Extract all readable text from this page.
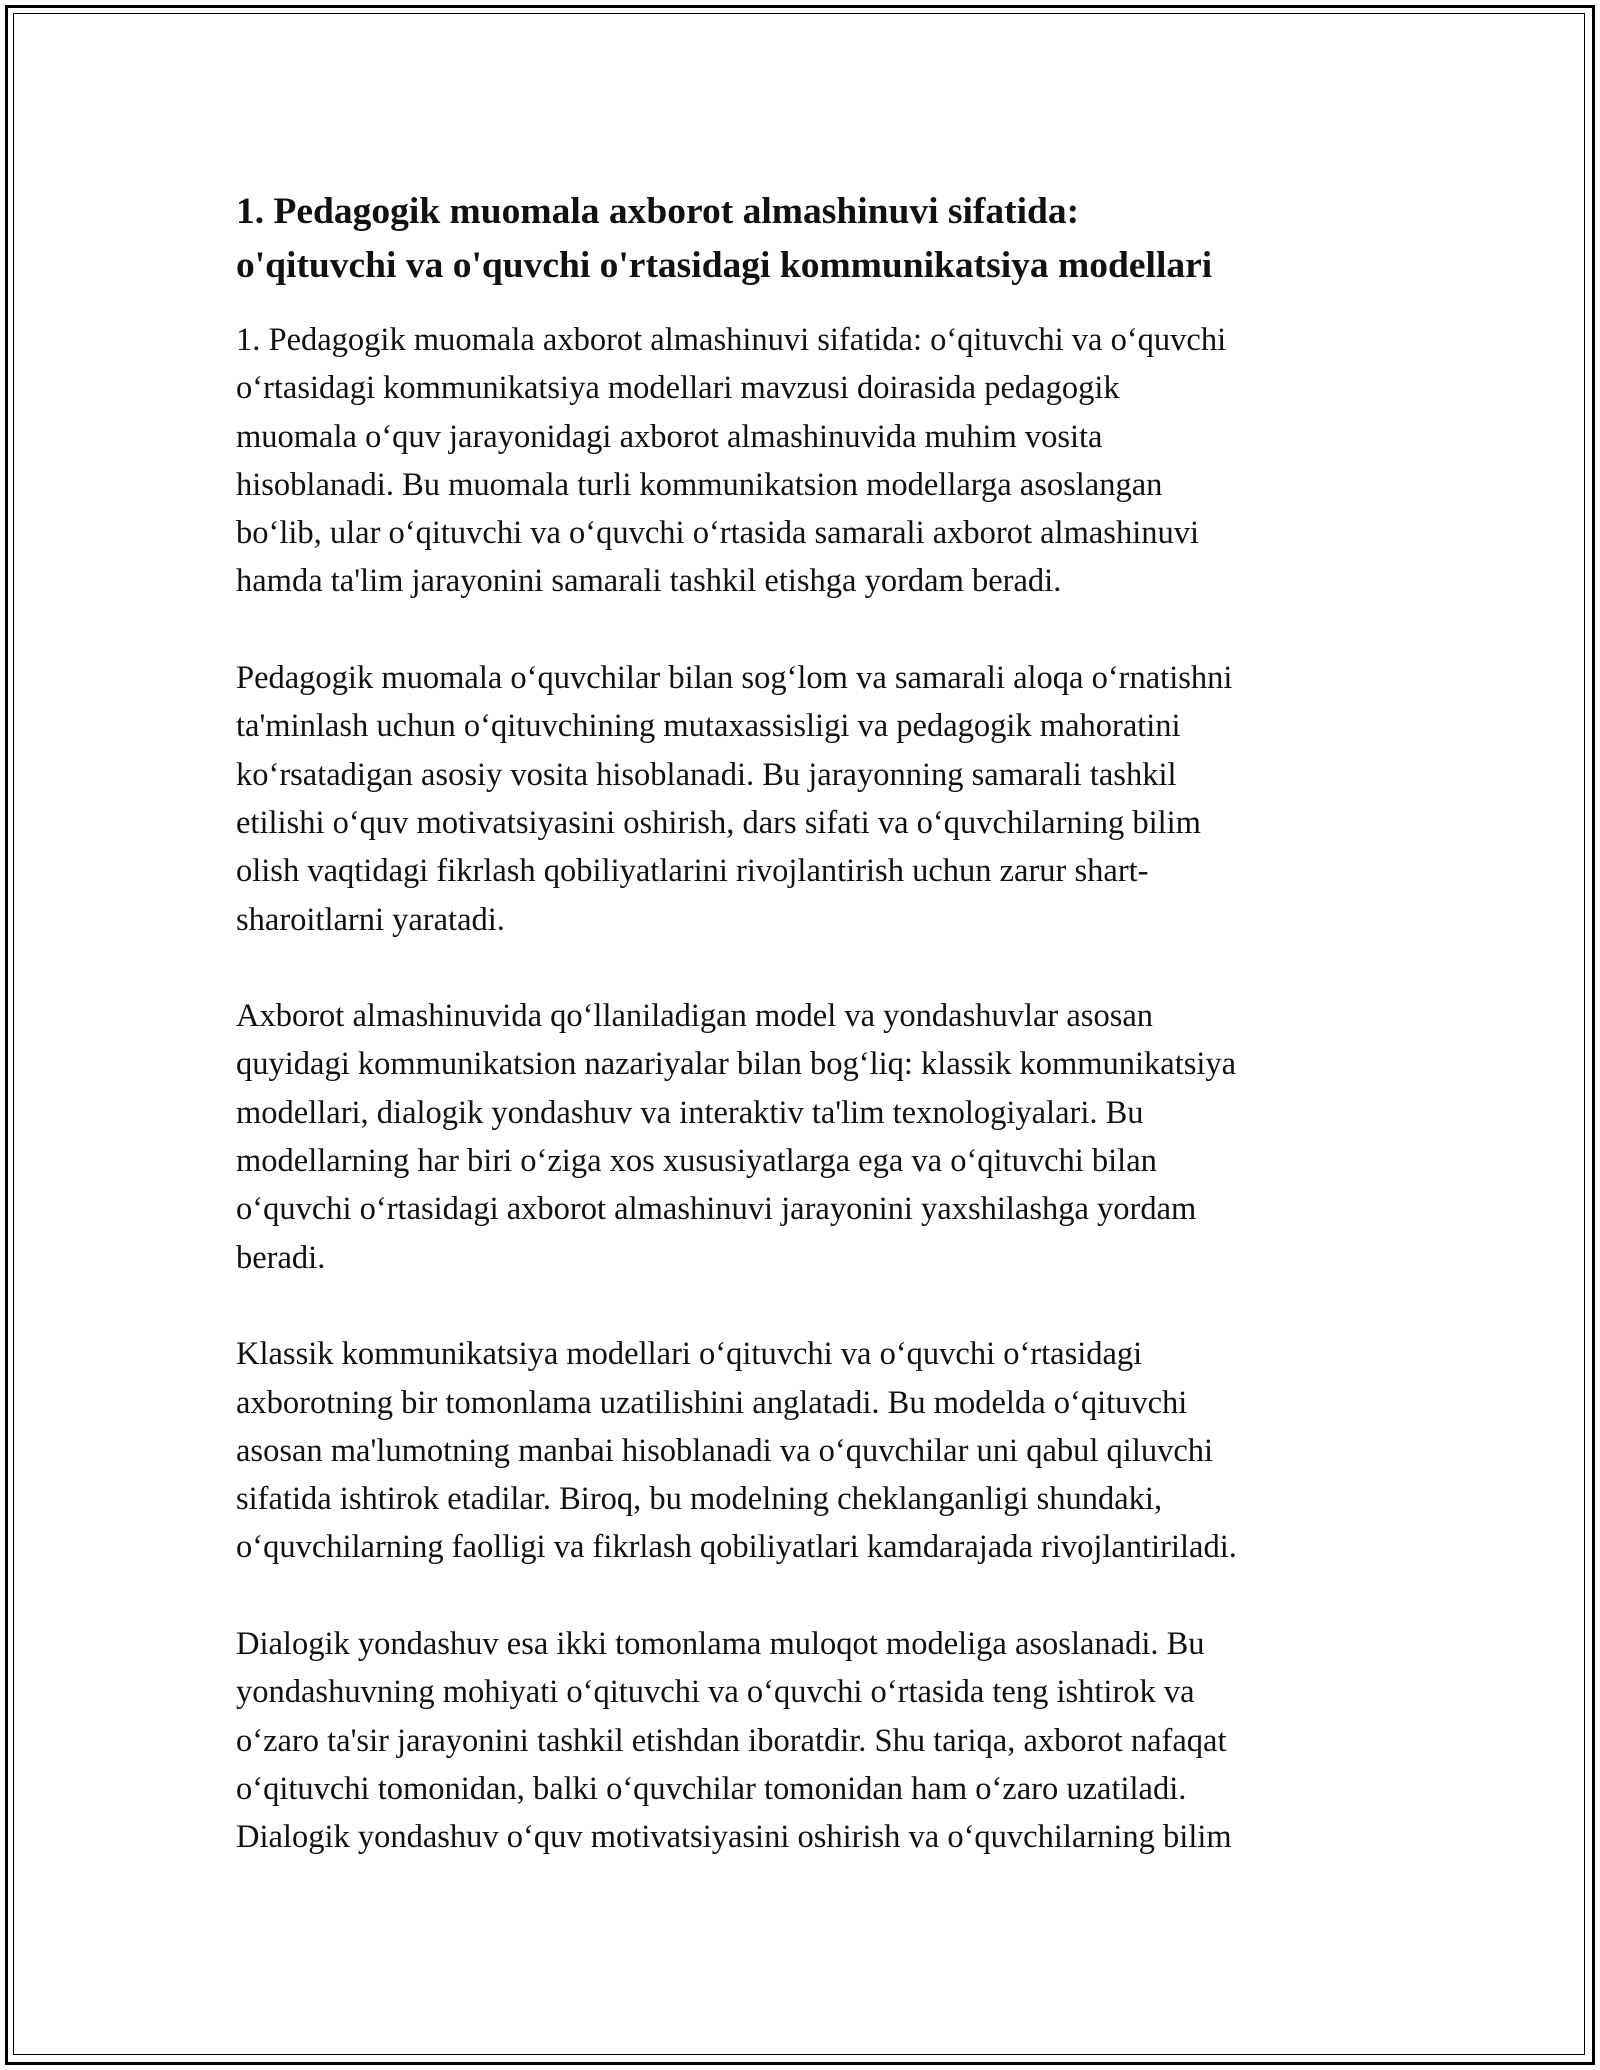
1. Pedagogik muomala axborot almashinuvi sifatida:
o'qituvchi va o'quvchi o'rtasidagi kommunikatsiya modellari

1. Pedagogik muomala axborot almashinuvi sifatida: o‘qituvchi va o‘quvchi
o‘rtasidagi kommunikatsiya modellari mavzusi doirasida pedagogik
muomala o‘quv jarayonidagi axborot almashinuvida muhim vosita
hisoblanadi. Bu muomala turli kommunikatsion modellarga asoslangan
bo‘lib, ular o‘qituvchi va o‘quvchi o‘rtasida samarali axborot almashinuvi
hamda ta'lim jarayonini samarali tashkil etishga yordam beradi.

Pedagogik muomala o‘quvchilar bilan sog‘lom va samarali aloqa o‘rnatishni
ta'minlash uchun o‘qituvchining mutaxassisligi va pedagogik mahoratini
ko‘rsatadigan asosiy vosita hisoblanadi. Bu jarayonning samarali tashkil
etilishi o‘quv motivatsiyasini oshirish, dars sifati va o‘quvchilarning bilim
olish vaqtidagi fikrlash qobiliyatlarini rivojlantirish uchun zarur shart-
sharoitlarni yaratadi.

Axborot almashinuvida qo‘llaniladigan model va yondashuvlar asosan
quyidagi kommunikatsion nazariyalar bilan bog‘liq: klassik kommunikatsiya
modellari, dialogik yondashuv va interaktiv ta'lim texnologiyalari. Bu
modellarning har biri o‘ziga xos xususiyatlarga ega va o‘qituvchi bilan
o‘quvchi o‘rtasidagi axborot almashinuvi jarayonini yaxshilashga yordam
beradi.

Klassik kommunikatsiya modellari o‘qituvchi va o‘quvchi o‘rtasidagi
axborotning bir tomonlama uzatilishini anglatadi. Bu modelda o‘qituvchi
asosan ma'lumotning manbai hisoblanadi va o‘quvchilar uni qabul qiluvchi
sifatida ishtirok etadilar. Biroq, bu modelning cheklanganligi shundaki,
o‘quvchilarning faolligi va fikrlash qobiliyatlari kamdarajada rivojlantiriladi.

Dialogik yondashuv esa ikki tomonlama muloqot modeliga asoslanadi. Bu
yondashuvning mohiyati o‘qituvchi va o‘quvchi o‘rtasida teng ishtirok va
o‘zaro ta'sir jarayonini tashkil etishdan iboratdir. Shu tariqa, axborot nafaqat
o‘qituvchi tomonidan, balki o‘quvchilar tomonidan ham o‘zaro uzatiladi.
Dialogik yondashuv o‘quv motivatsiyasini oshirish va o‘quvchilarning bilim
